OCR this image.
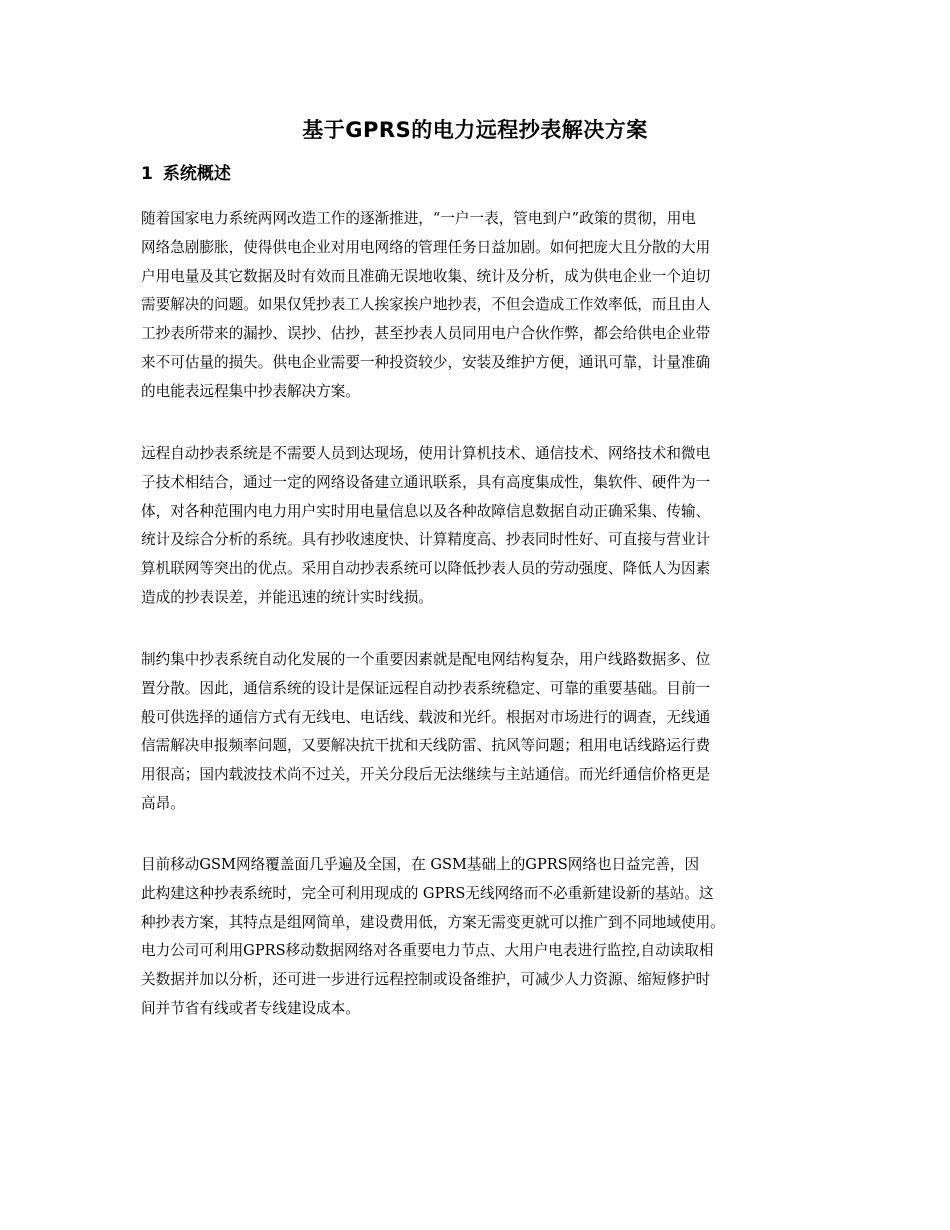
基于GPRS的电力远程抄表解决方案
1 系统概述

随着国家电力系统两网改造工作的逐渐推进，“一户一表，管电到户”政策的贯彻，用电
网络急剧膨胀，使得供电企业对用电网络的管理任务日益加剧。如何把庞大且分散的大用
户用电量及其它数据及时有效而且准确无误地收集、统计及分析，成为供电企业一个迫切
需要解决的问题。如果仅凭抄表工人挨家挨户地抄表，不但会造成工作效率低，而且由人
工抄表所带来的漏抄、误抄、估抄，甚至抄表人员同用电户合伙作弊，都会给供电企业带
来不可估量的损失。供电企业需要一种投资较少，安装及维护方便，通讯可靠，计量准确
的电能表远程集中抄表解决方案。

远程自动抄表系统是不需要人员到达现场，使用计算机技术、通信技术、网络技术和微电
子技术相结合，通过一定的网络设备建立通讯联系，具有高度集成性，集软件、硬件为一
体，对各种范围内电力用户实时用电量信息以及各种故障信息数据自动正确采集、传输、
统计及综合分析的系统。具有抄收速度快、计算精度高、抄表同时性好、可直接与营业计
算机联网等突出的优点。采用自动抄表系统可以降低抄表人员的劳动强度、降低人为因素
造成的抄表误差，并能迅速的统计实时线损。

制约集中抄表系统自动化发展的一个重要因素就是配电网结构复杂，用户线路数据多、位
置分散。因此，通信系统的设计是保证远程自动抄表系统稳定、可靠的重要基础。目前一
般可供选择的通信方式有无线电、电话线、载波和光纤。根据对市场进行的调查，无线通
信需解决申报频率问题，又要解决抗干扰和天线防雷、抗风等问题；租用电话线路运行费
用很高；国内载波技术尚不过关，开关分段后无法继续与主站通信。而光纤通信价格更是
高昂。

目前移动GSM网络覆盖面几乎遍及全国，在 GSM基础上的GPRS网络也日益完善，因
此构建这种抄表系统时，完全可利用现成的 GPRS无线网络而不必重新建设新的基站。这
种抄表方案，其特点是组网简单，建设费用低，方案无需变更就可以推广到不同地域使用。
电力公司可利用GPRS移动数据网络对各重要电力节点、大用户电表进行监控,自动读取相
关数据并加以分析，还可进一步进行远程控制或设备维护，可减少人力资源、缩短修护时
间并节省有线或者专线建设成本。
